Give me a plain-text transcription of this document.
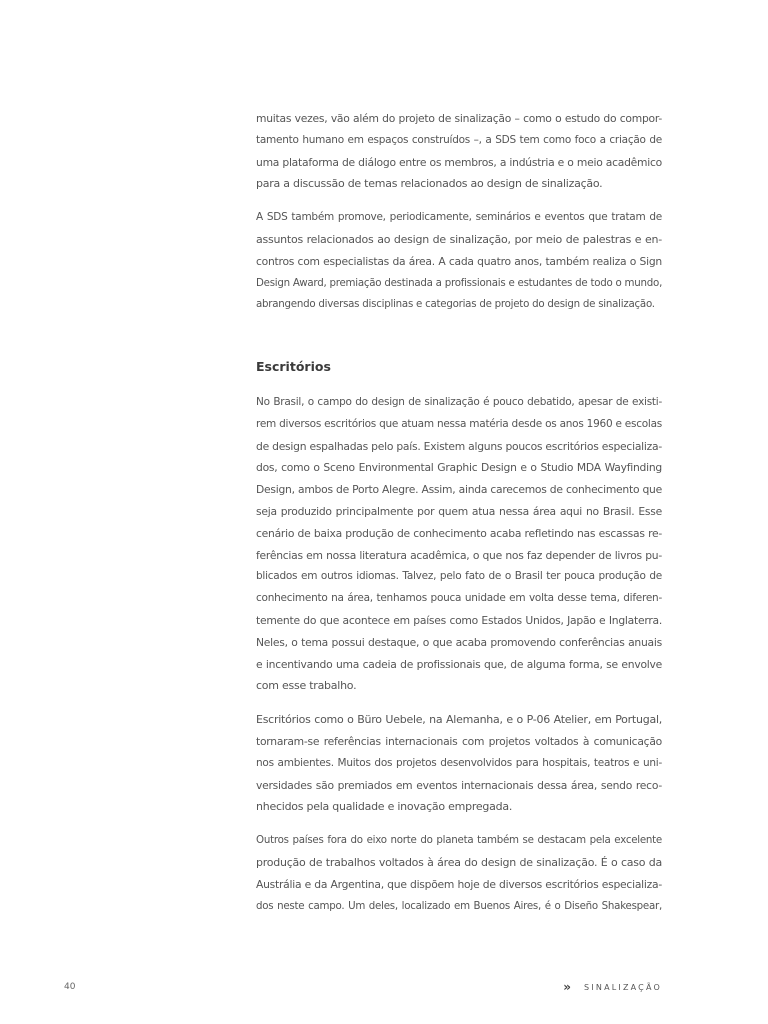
muitas vezes, vão além do projeto de sinalização – como o estudo do compor-
tamento humano em espaços construídos –, a SDS tem como foco a criação de
uma plataforma de diálogo entre os membros, a indústria e o meio acadêmico
para a discussão de temas relacionados ao design de sinalização.

A SDS também promove, periodicamente, seminários e eventos que tratam de
assuntos relacionados ao design de sinalização, por meio de palestras e en-
contros com especialistas da área. A cada quatro anos, também realiza o Sign
Design Award, premiação destinada a profissionais e estudantes de todo o mundo,
abrangendo diversas disciplinas e categorias de projeto do design de sinalização.

Escritórios

No Brasil, o campo do design de sinalização é pouco debatido, apesar de existi-
rem diversos escritórios que atuam nessa matéria desde os anos 1960 e escolas
de design espalhadas pelo país. Existem alguns poucos escritórios especializa-
dos, como o Sceno Environmental Graphic Design e o Studio MDA Wayfinding
Design, ambos de Porto Alegre. Assim, ainda carecemos de conhecimento que
seja produzido principalmente por quem atua nessa área aqui no Brasil. Esse
cenário de baixa produção de conhecimento acaba refletindo nas escassas re-
ferências em nossa literatura acadêmica, o que nos faz depender de livros pu-
blicados em outros idiomas. Talvez, pelo fato de o Brasil ter pouca produção de
conhecimento na área, tenhamos pouca unidade em volta desse tema, diferen-
temente do que acontece em países como Estados Unidos, Japão e Inglaterra.
Neles, o tema possui destaque, o que acaba promovendo conferências anuais
e incentivando uma cadeia de profissionais que, de alguma forma, se envolve
com esse trabalho.

Escritórios como o Büro Uebele, na Alemanha, e o P-06 Atelier, em Portugal,
tornaram-se referências internacionais com projetos voltados à comunicação
nos ambientes. Muitos dos projetos desenvolvidos para hospitais, teatros e uni-
versidades são premiados em eventos internacionais dessa área, sendo reco-
nhecidos pela qualidade e inovação empregada.

Outros países fora do eixo norte do planeta também se destacam pela excelente
produção de trabalhos voltados à área do design de sinalização. É o caso da
Austrália e da Argentina, que dispõem hoje de diversos escritórios especializa-
dos neste campo. Um deles, localizado em Buenos Aires, é o Diseño Shakespear,

40	» SINALIZAÇÃO
